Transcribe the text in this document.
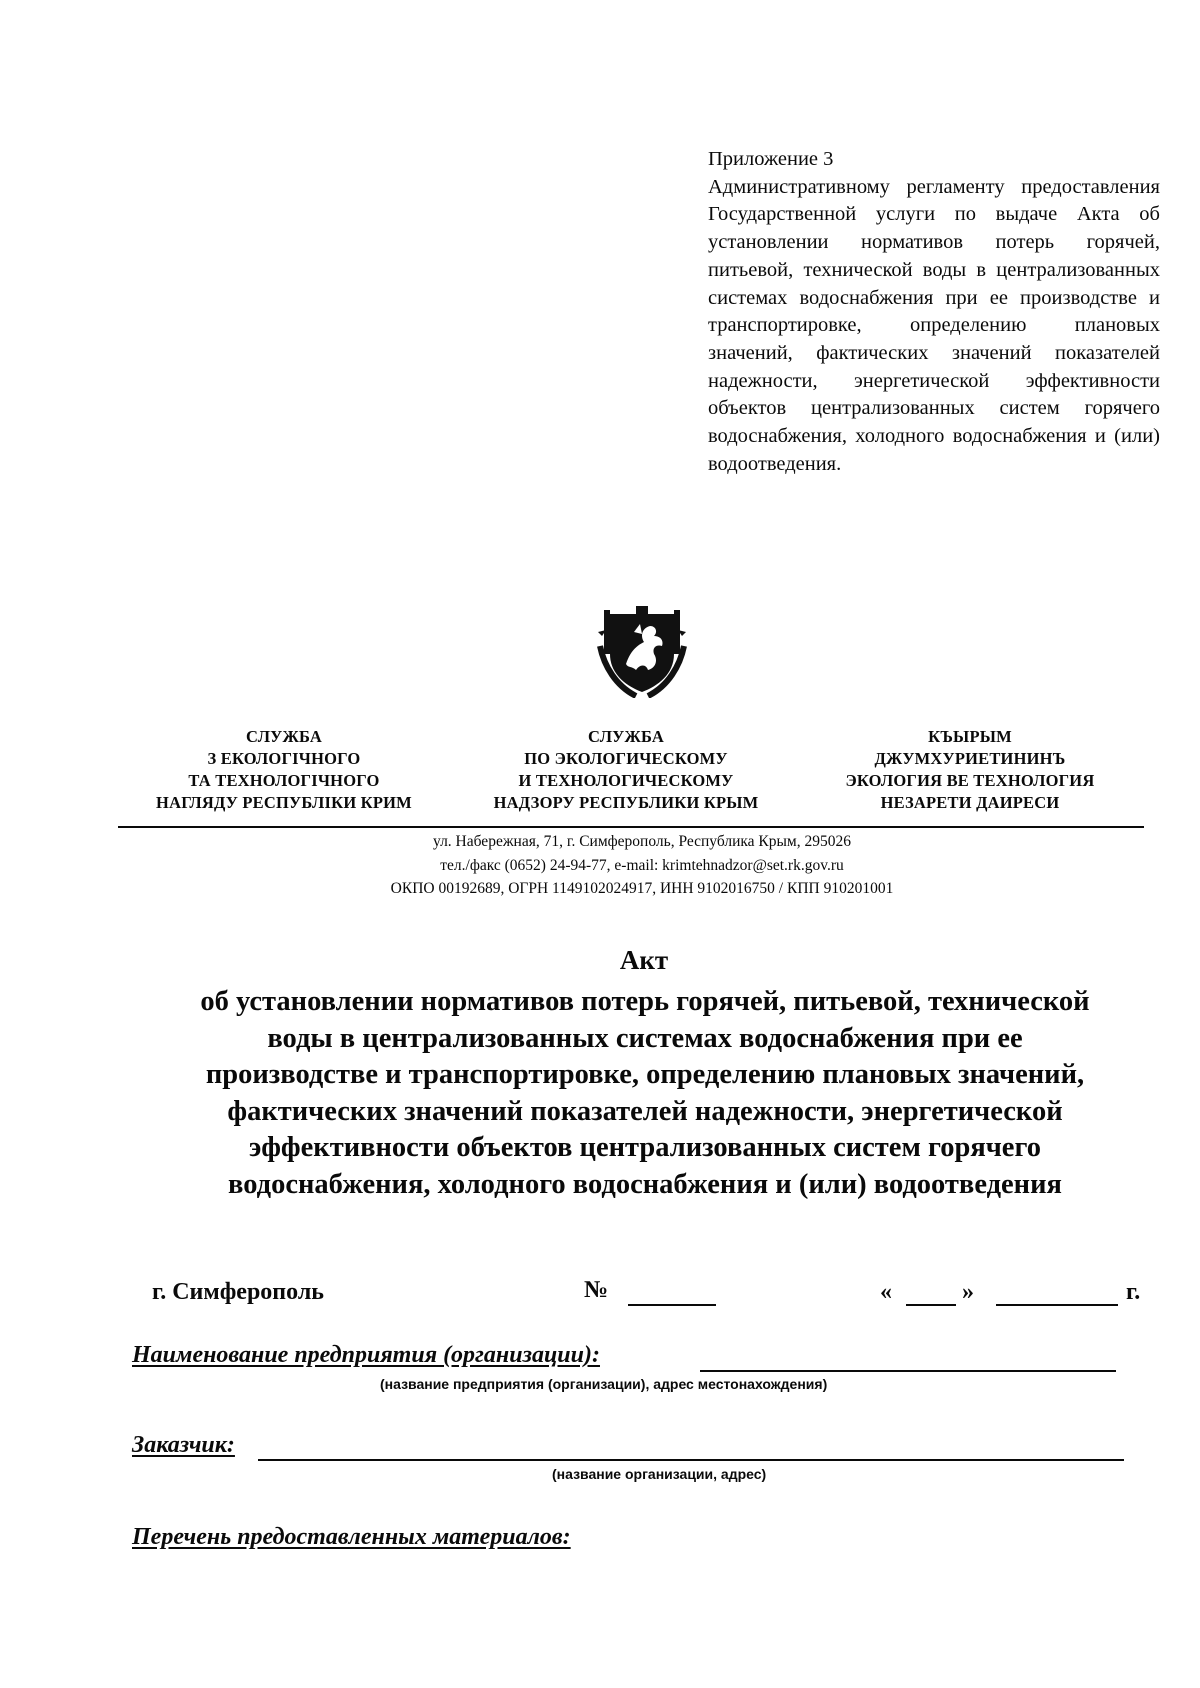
Приложение 3
Административному регламенту предоставления Государственной услуги по выдаче Акта об установлении нормативов потерь горячей, питьевой, технической воды в централизованных системах водоснабжения при ее производстве и транспортировке, определению плановых значений, фактических значений показателей надежности, энергетической эффективности объектов централизованных систем горячего водоснабжения, холодного водоснабжения и (или) водоотведения.
СЛУЖБА
З ЕКОЛОГІЧНОГО
ТА ТЕХНОЛОГІЧНОГО
НАГЛЯДУ РЕСПУБЛІКИ КРИМ
СЛУЖБА
ПО ЭКОЛОГИЧЕСКОМУ
И ТЕХНОЛОГИЧЕСКОМУ
НАДЗОРУ РЕСПУБЛИКИ КРЫМ
КЪЫРЫМ
ДЖУМХУРИЕТИНИНЪ
ЭКОЛОГИЯ ВЕ ТЕХНОЛОГИЯ
НЕЗАРЕТИ ДАИРЕСИ
ул. Набережная, 71, г. Симферополь, Республика Крым, 295026
тел./факс (0652) 24-94-77, e-mail: krimtehnadzor@set.rk.gov.ru
ОКПО 00192689, ОГРН 1149102024917, ИНН 9102016750 / КПП 910201001
Акт
об установлении нормативов потерь горячей, питьевой, технической
воды в централизованных системах водоснабжения при ее
производстве и транспортировке, определению плановых значений,
фактических значений показателей надежности, энергетической
эффективности объектов централизованных систем горячего
водоснабжения, холодного водоснабжения и (или) водоотведения
г. Симферополь	№	«	»	г.
Наименование предприятия (организации):
(название предприятия (организации), адрес местонахождения)
Заказчик:
(название организации, адрес)
Перечень предоставленных материалов:
